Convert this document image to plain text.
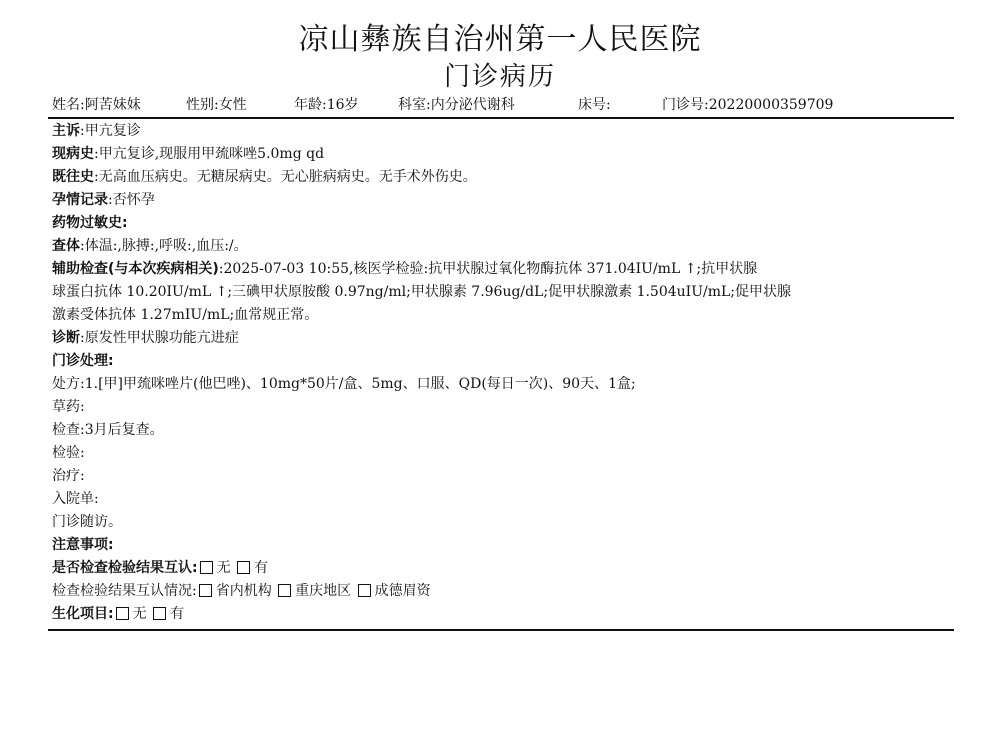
凉山彝族自治州第一人民医院
门诊病历
姓名:阿苦妹妹	性别:女性	年龄:16岁	科室:内分泌代谢科	床号:	门诊号:20220000359709
主诉:甲亢复诊
现病史:甲亢复诊,现服用甲巯咪唑5.0mg qd
既往史:无高血压病史。无糖尿病史。无心脏病病史。无手术外伤史。
孕情记录:否怀孕
药物过敏史:
查体:体温:,脉搏:,呼吸:,血压:/。
辅助检查(与本次疾病相关):2025-07-03 10:55,核医学检验:抗甲状腺过氧化物酶抗体 371.04IU/mL ↑;抗甲状腺
球蛋白抗体 10.20IU/mL ↑;三碘甲状原胺酸 0.97ng/ml;甲状腺素 7.96ug/dL;促甲状腺激素 1.504uIU/mL;促甲状腺
激素受体抗体 1.27mIU/mL;血常规正常。
诊断:原发性甲状腺功能亢进症
门诊处理:
处方:1.[甲]甲巯咪唑片(他巴唑)、10mg*50片/盒、5mg、口服、QD(每日一次)、90天、1盒;
草药:
检查:3月后复查。
检验:
治疗:
入院单:
门诊随访。
注意事项:
是否检查检验结果互认: 无 有
检查检验结果互认情况: 省内机构 重庆地区 成德眉资
生化项目: 无 有
